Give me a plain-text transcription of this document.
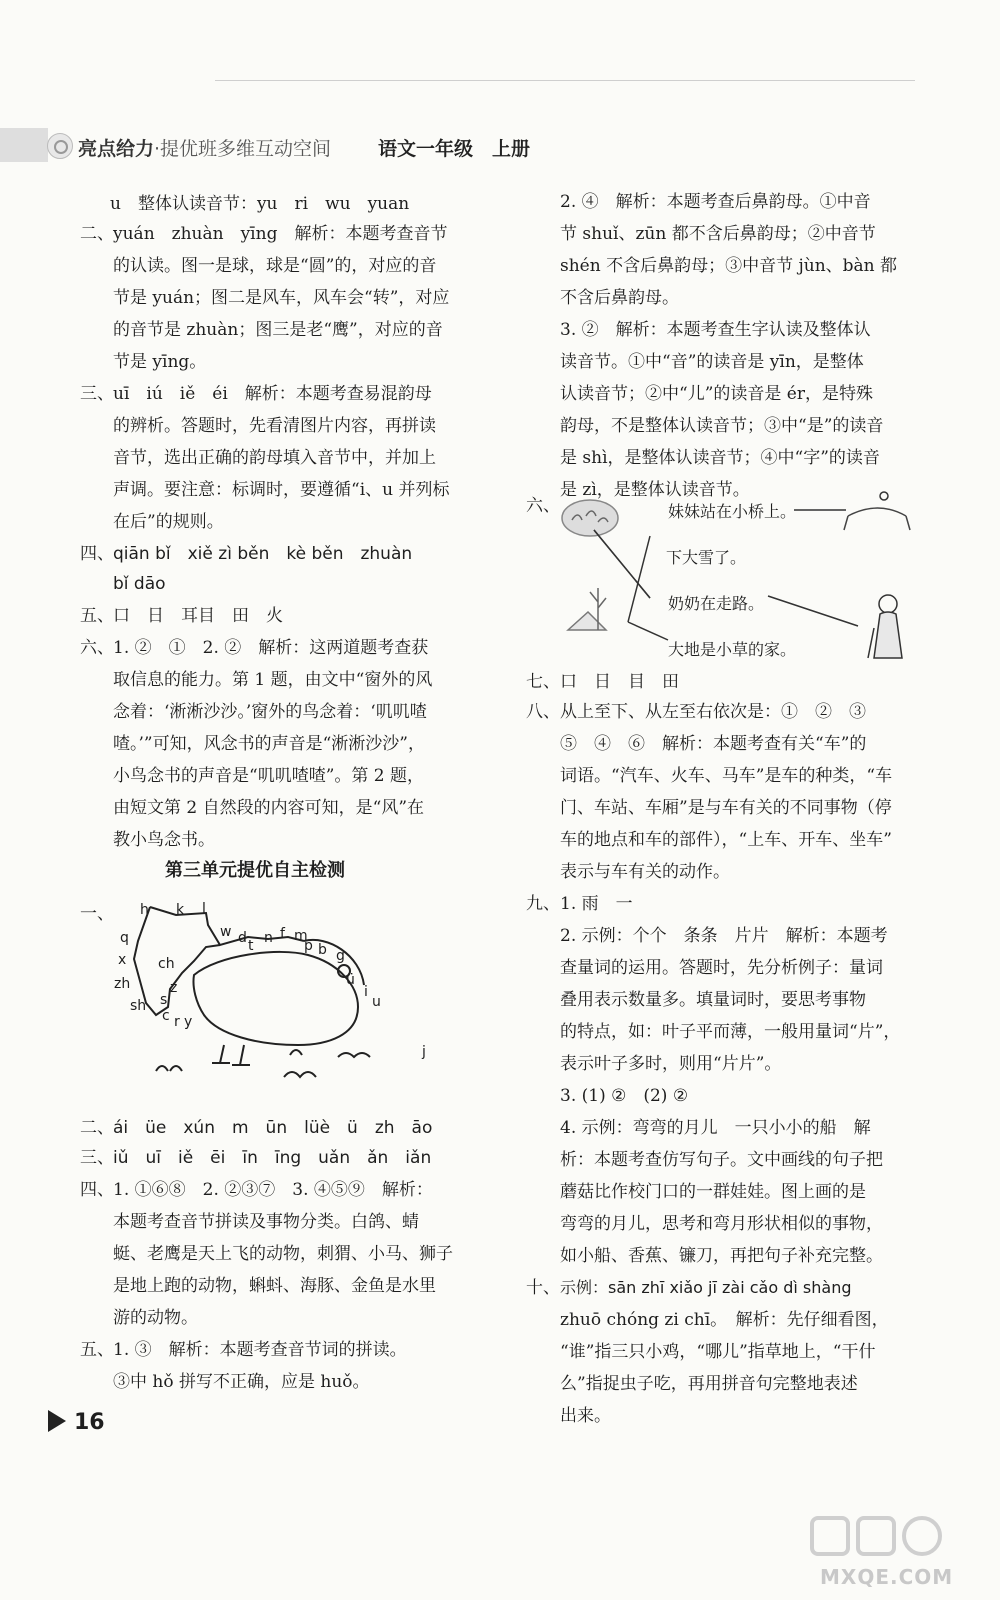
亮点给力·提优班多维互动空间 语文一年级　上册
u　整体认读音节：yu　ri　wu　yuan
二、 yuán　zhuàn　yīng　解析：本题考查音节
的认读。图一是球，球是“圆”的，对应的音
节是 yuán；图二是风车，风车会“转”，对应
的音节是 zhuàn；图三是老“鹰”，对应的音
节是 yīng。
三、 uī　iú　iě　éi　解析：本题考查易混韵母
的辨析。答题时，先看清图片内容，再拼读
音节，选出正确的韵母填入音节中，并加上
声调。要注意：标调时，要遵循“i、u 并列标
在后”的规则。
四、 qiān bǐ　xiě zì běn　kè běn　zhuàn
bǐ dāo
五、 口　日　耳目　田　火
六、 1. ②　①　2. ②　解析：这两道题考查获
取信息的能力。第 1 题，由文中“窗外的风
念着：‘淅淅沙沙。’窗外的鸟念着：‘叽叽喳
喳。’”可知，风念书的声音是“淅淅沙沙”，
小鸟念书的声音是“叽叽喳喳”。第 2 题，
由短文第 2 自然段的内容可知，是“风”在
教小鸟念书。
第三单元提优自主检测
一、 h k l
q
x ch
zh
sh
z
s
c r y
w d t n f m
p b g
ü
i
u
j
二、 ái　üe　xún　m　ūn　lüè　ü　zh　āo
三、 iǔ　uī　iě　ēi　īn　īng　uǎn　ǎn　iǎn
四、 1. ①⑥⑧　2. ②③⑦　3. ④⑤⑨　解析：
本题考查音节拼读及事物分类。白鸽、蜻
蜓、老鹰是天上飞的动物，刺猬、小马、狮子
是地上跑的动物，蝌蚪、海豚、金鱼是水里
游的动物。
五、 1. ③　解析：本题考查音节词的拼读。
③中 hǒ 拼写不正确，应是 huǒ。
2. ④　解析：本题考查后鼻韵母。①中音
节 shuǐ、zūn 都不含后鼻韵母；②中音节
shén 不含后鼻韵母；③中音节 jùn、bàn 都
不含后鼻韵母。
3. ②　解析：本题考查生字认读及整体认
读音节。①中“音”的读音是 yīn，是整体
认读音节；②中“儿”的读音是 ér，是特殊
韵母，不是整体认读音节；③中“是”的读音
是 shì，是整体认读音节；④中“字”的读音
是 zì，是整体认读音节。
六、	妹妹站在小桥上。
下大雪了。
奶奶在走路。
大地是小草的家。
七、 口　日　目　田
八、 从上至下、从左至右依次是：①　②　③
⑤　④　⑥　解析：本题考查有关“车”的
词语。“汽车、火车、马车”是车的种类，“车
门、车站、车厢”是与车有关的不同事物（停
车的地点和车的部件），“上车、开车、坐车”
表示与车有关的动作。
九、 1. 雨　一
2. 示例：个个　条条　片片　解析：本题考
查量词的运用。答题时，先分析例子：量词
叠用表示数量多。填量词时，要思考事物
的特点，如：叶子平而薄，一般用量词“片”，
表示叶子多时，则用“片片”。
3. (1) ②　(2) ②
4. 示例：弯弯的月儿　一只小小的船　解
析：本题考查仿写句子。文中画线的句子把
蘑菇比作校门口的一群娃娃。图上画的是
弯弯的月儿，思考和弯月形状相似的事物，
如小船、香蕉、镰刀，再把句子补充完整。
十、 示例：sān zhī xiǎo jī zài cǎo dì shàng
zhuō chóng zi chī。　解析：先仔细看图，
“谁”指三只小鸡，“哪儿”指草地上，“干什
么”指捉虫子吃，再用拼音句完整地表述
出来。
16
MXQE.COM
